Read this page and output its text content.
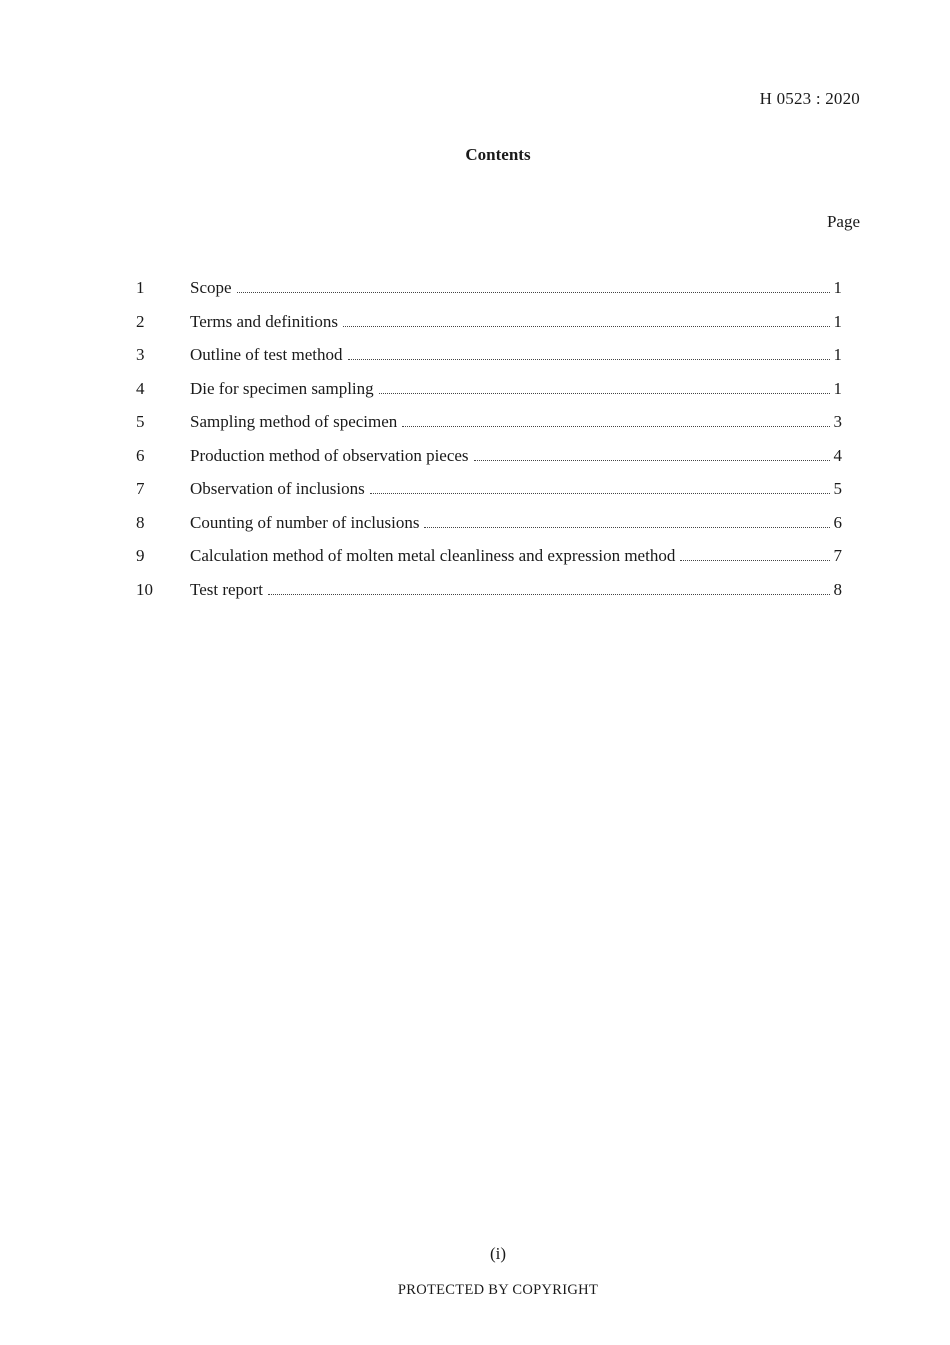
H 0523 : 2020
Contents
Page
1	Scope	1
2	Terms and definitions	1
3	Outline of test method	1
4	Die for specimen sampling	1
5	Sampling method of specimen	3
6	Production method of observation pieces	4
7	Observation of inclusions	5
8	Counting of number of inclusions	6
9	Calculation method of molten metal cleanliness and expression method	7
10	Test report	8
(i)
PROTECTED BY COPYRIGHT
